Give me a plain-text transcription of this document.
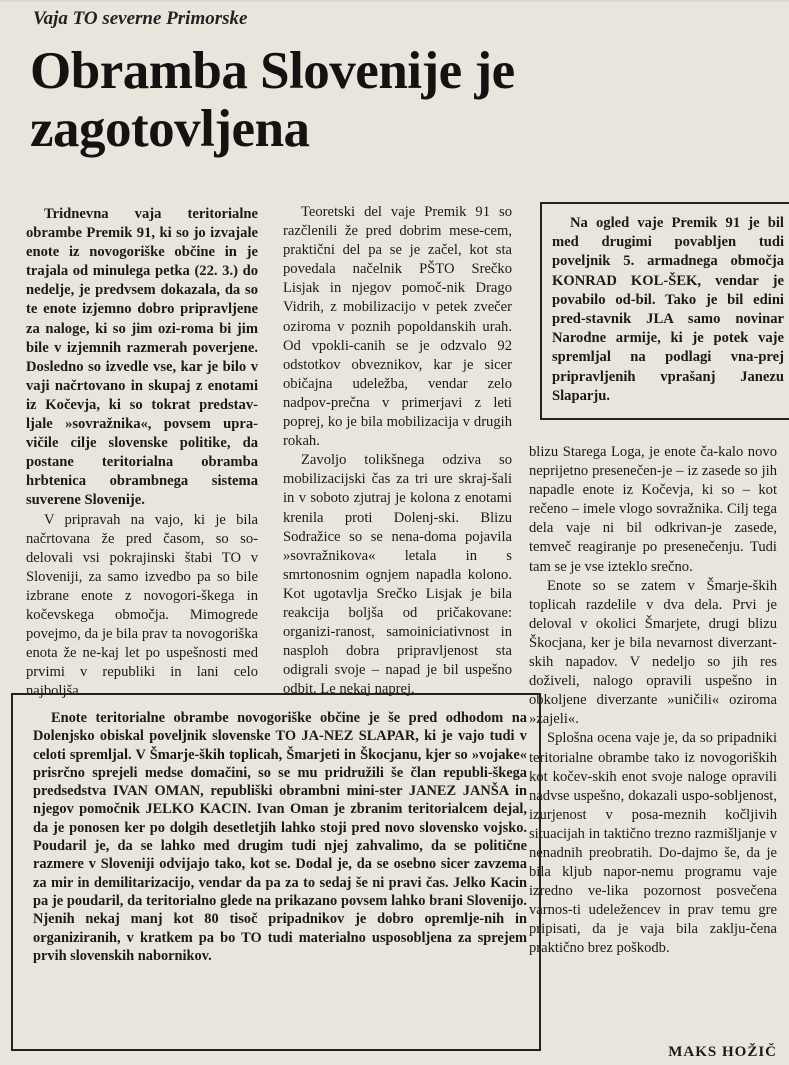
Vaja TO severne Primorske
Obramba Slovenije je zagotovljena

Tridnevna vaja teritorialne obrambe Premik 91, ki so jo izvajale enote iz novogoriške občine in je trajala od minulega petka (22. 3.) do nedelje, je predvsem dokazala, da so te enote izjemno dobro pripravljene za naloge, ki so jim ozi-roma bi jim bile v izjemnih razmerah poverjene. Dosledno so izvedle vse, kar je bilo v vaji načrtovano in skupaj z enotami iz Kočevja, ki so tokrat predstav-ljale »sovražnika«, povsem upra-vičile cilje slovenske politike, da postane teritorialna obramba hrbtenica obrambnega sistema suverene Slovenije.

V pripravah na vajo, ki je bila načrtovana že pred časom, so so-delovali vsi pokrajinski štabi TO v Sloveniji, za samo izvedbo pa so bile izbrane enote z novogori-škega in kočevskega območja. Mimogrede povejmo, da je bila prav ta novogoriška enota že ne-kaj let po uspešnosti med prvimi v republiki in lani celo najboljša.

Teoretski del vaje Premik 91 so razčlenili že pred dobrim mese-cem, praktični del pa se je začel, kot sta povedala načelnik PŠTO Srečko Lisjak in njegov pomoč-nik Drago Vidrih, z mobilizacijo v petek zvečer oziroma v poznih popoldanskih urah. Od vpokli-canih se je odzvalo 92 odstotkov obveznikov, kar je sicer običajna udeležba, vendar zelo nadpov-prečna v primerjavi z leti poprej, ko je bila mobilizacija v drugih rokah.

Zavoljo tolikšnega odziva so mobilizacijski čas za tri ure skraj-šali in v soboto zjutraj je kolona z enotami krenila proti Dolenj-ski. Blizu Sodražice so se nena-doma pojavila »sovražnikova« letala in s smrtonosnim ognjem napadla kolono. Kot ugotavlja Srečko Lisjak je bila reakcija boljša od pričakovane: organizi-ranost, samoiniciativnost in nasploh dobra pripravljenost sta odigrali svoje – napad je bil uspešno odbit. Le nekaj naprej,

Na ogled vaje Premik 91 je bil med drugimi povabljen tudi poveljnik 5. armadnega območja KONRAD KOL-ŠEK, vendar je povabilo od-bil. Tako je bil edini pred-stavnik JLA samo novinar Narodne armije, ki je potek vaje spremljal na podlagi vna-prej pripravljenih vprašanj Janezu Slaparju.

blizu Starega Loga, je enote ča-kalo novo neprijetno presenečen-je – iz zasede so jih napadle enote iz Kočevja, ki so – kot rečeno – imele vlogo sovražnika. Cilj tega dela vaje ni bil odkrivan-je zasede, temveč reagiranje po presenečenju. Tudi tam se je vse izteklo srečno.

Enote so se zatem v Šmarje-ških toplicah razdelile v dva dela. Prvi je deloval v okolici Šmarjete, drugi blizu Škocjana, ker je bila nevarnost diverzant-skih napadov. V nedeljo so jih res doživeli, nalogo opravili uspešno in obkoljene diverzante »uničili« oziroma »zajeli«.

Splošna ocena vaje je, da so pripadniki teritorialne obrambe tako iz novogoriških kot kočev-skih enot svoje naloge opravili nadvse uspešno, dokazali uspo-sobljenost, izurjenost v posa-meznih kočljivih situacijah in taktično trezno razmišljanje v nenadnih preobratih. Do-dajmo še, da je bila kljub napor-nemu programu vaje izredno ve-lika pozornost posvečena varnos-ti udeležencev in prav temu gre pripisati, da je vaja bila zaklju-čena praktično brez poškodb.

Enote teritorialne obrambe novogoriške občine je še pred odhodom na Dolenjsko obiskal poveljnik slovenske TO JA-NEZ SLAPAR, ki je vajo tudi v celoti spremljal. V Šmarje-ških toplicah, Šmarjeti in Škocjanu, kjer so »vojake« prisrčno sprejeli medse domačini, so se mu pridružili še član republi-škega predsedstva IVAN OMAN, republiški obrambni mini-ster JANEZ JANŠA in njegov pomočnik JELKO KACIN. Ivan Oman je zbranim teritorialcem dejal, da je ponosen ker po dolgih desetletjih lahko stoji pred novo slovensko vojsko. Poudaril je, da se lahko med drugim tudi njej zahvalimo, da se politične razmere v Sloveniji odvijajo tako, kot se. Dodal je, da se osebno sicer zavzema za mir in demilitarizacijo, vendar da pa za to sedaj še ni pravi čas. Jelko Kacin pa je poudaril, da teritorialno glede na prikazano povsem lahko brani Slovenijo. Njenih nekaj manj kot 80 tisoč pripadnikov je dobro opremlje-nih in organiziranih, v kratkem pa bo TO tudi materialno usposobljena za sprejem prvih slovenskih nabornikov.

MAKS HOŽIČ
